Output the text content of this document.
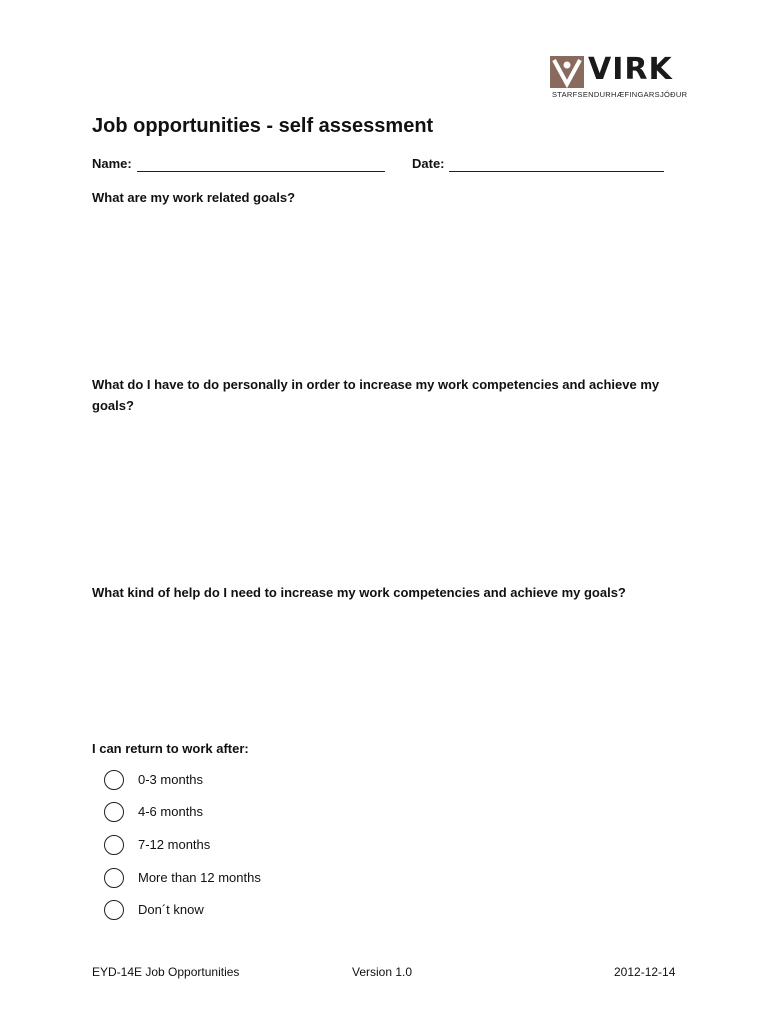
VIRK
STARFSENDURHÆFINGARSJÓÐUR
Job opportunities - self assessment
Name:	Date:
What are my work related goals?
What do I have to do personally in order to increase my work competencies and achieve my goals?
What kind of help do I need to increase my work competencies and achieve my goals?
I can return to work after:
0-3 months
4-6 months
7-12 months
More than 12 months
Don´t know
EYD-14E Job Opportunities	Version 1.0	2012-12-14
